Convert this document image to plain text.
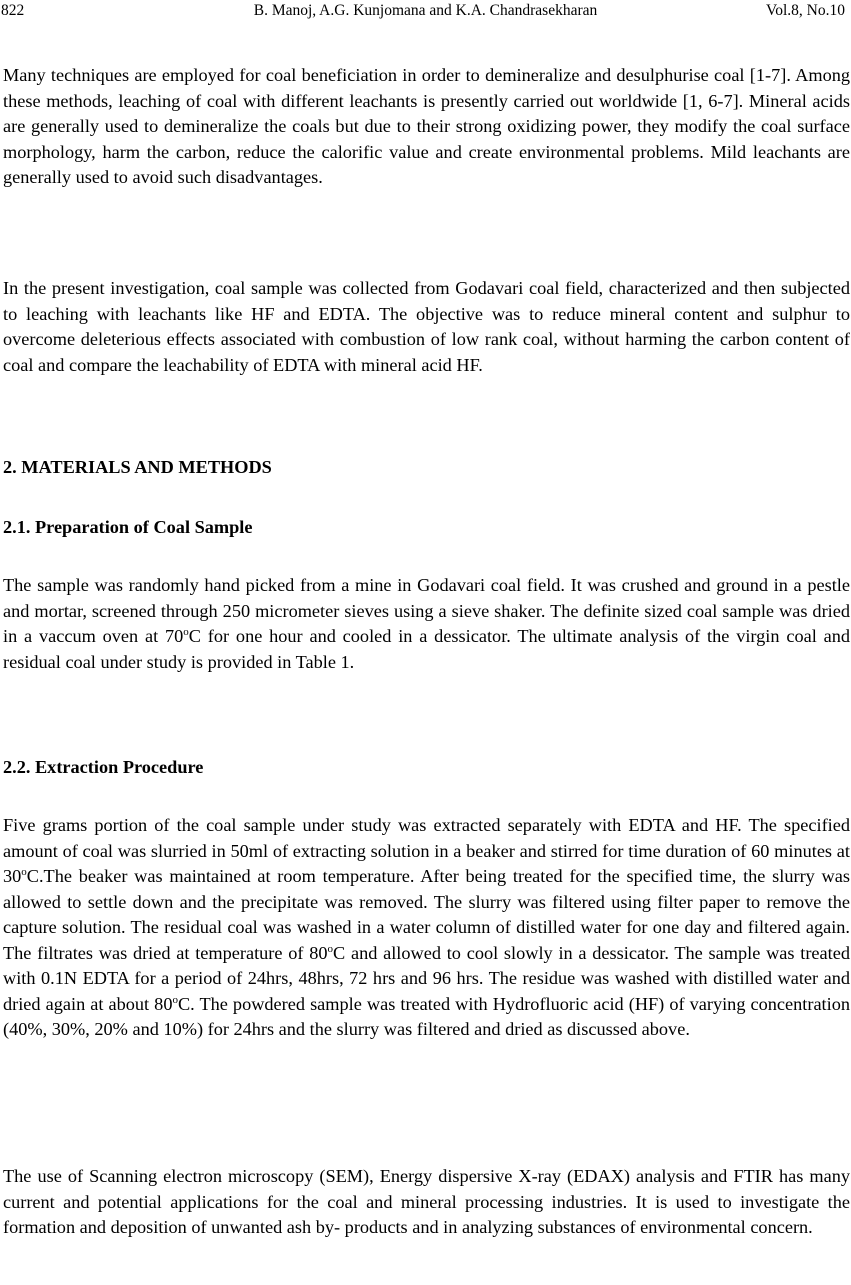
822	B. Manoj, A.G. Kunjomana and K.A. Chandrasekharan	Vol.8, No.10

Many techniques are employed for coal beneficiation in order to demineralize and desulphurise coal [1-7]. Among these methods, leaching of coal with different leachants is presently carried out worldwide [1, 6-7]. Mineral acids are generally used to demineralize the coals but due to their strong oxidizing power, they modify the coal surface morphology, harm the carbon, reduce the calorific value and create environmental problems. Mild leachants are generally used to avoid such disadvantages.

In the present investigation, coal sample was collected from Godavari coal field, characterized and then subjected to leaching with leachants like HF and EDTA. The objective was to reduce mineral content and sulphur to overcome deleterious effects associated with combustion of low rank coal, without harming the carbon content of coal and compare the leachability of EDTA with mineral acid HF.

2. MATERIALS AND METHODS

2.1. Preparation of Coal Sample

The sample was randomly hand picked from a mine in Godavari coal field. It was crushed and ground in a pestle and mortar, screened through 250 micrometer sieves using a sieve shaker. The definite sized coal sample was dried in a vaccum oven at 70$^o$C for one hour and cooled in a dessicator. The ultimate analysis of the virgin coal and residual coal under study is provided in Table 1.

2.2. Extraction Procedure

Five grams portion of the coal sample under study was extracted separately with EDTA and HF. The specified amount of coal was slurried in 50ml of extracting solution in a beaker and stirred for time duration of 60 minutes at 30$^o$C.The beaker was maintained at room temperature. After being treated for the specified time, the slurry was allowed to settle down and the precipitate was removed. The slurry was filtered using filter paper to remove the capture solution. The residual coal was washed in a water column of distilled water for one day and filtered again. The filtrates was dried at temperature of 80$^o$C and allowed to cool slowly in a dessicator. The sample was treated with 0.1N EDTA for a period of 24hrs, 48hrs, 72 hrs and 96 hrs. The residue was washed with distilled water and dried again at about 80$^o$C. The powdered sample was treated with Hydrofluoric acid (HF) of varying concentration (40%, 30%, 20% and 10%) for 24hrs and the slurry was filtered and dried as discussed above.

The use of Scanning electron microscopy (SEM), Energy dispersive X-ray (EDAX) analysis and FTIR has many current and potential applications for the coal and mineral processing industries. It is used to investigate the formation and deposition of unwanted ash by- products and in analyzing substances of environmental concern.
